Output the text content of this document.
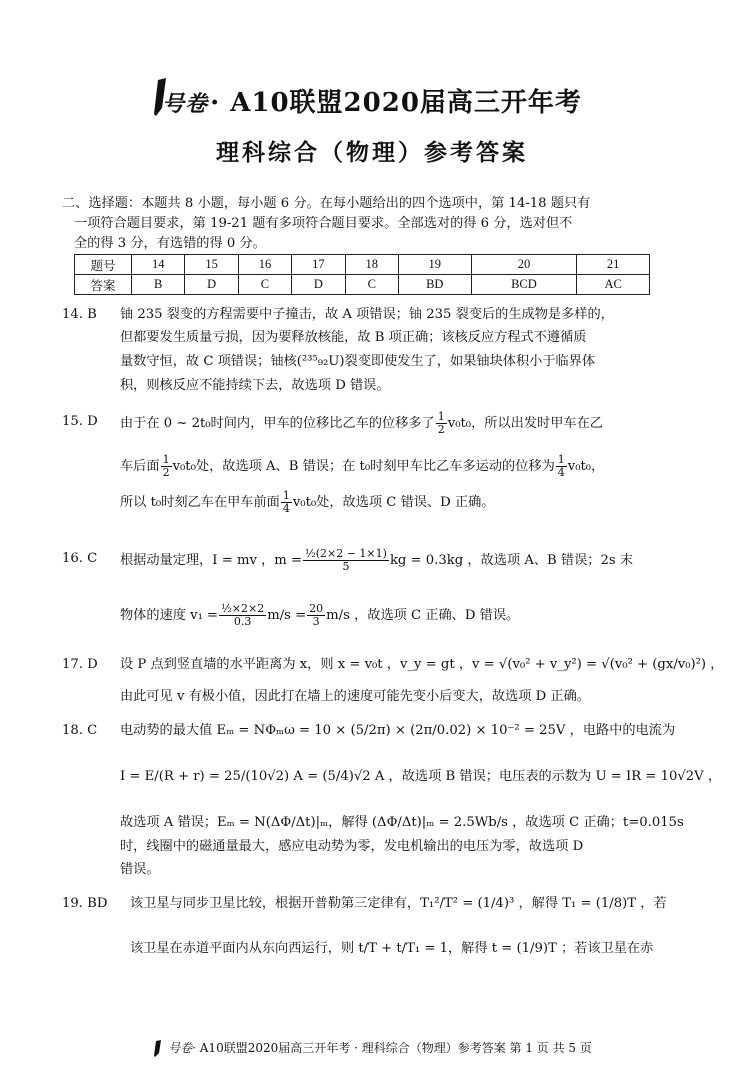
号卷· A10联盟2020届高三开年考
理科综合（物理）参考答案
二、选择题：本题共 8 小题，每小题 6 分。在每小题给出的四个选项中，第 14-18 题只有
一项符合题目要求，第 19-21 题有多项符合题目要求。全部选对的得 6 分，选对但不
全的得 3 分，有选错的得 0 分。
题号	14	15	16	17	18	19	20	21
答案	B	D	C	D	C	BD	BCD	AC
14. B 铀 235 裂变的方程需要中子撞击，故 A 项错误；铀 235 裂变后的生成物是多样的，
但都要发生质量亏损，因为要释放核能，故 B 项正确；该核反应方程式不遵循质
量数守恒，故 C 项错误；铀核(²³⁵₉₂U)裂变即使发生了，如果铀块体积小于临界体
积，则核反应不能持续下去，故选项 D 错误。
15. D 由于在 0 ~ 2t₀时间内，甲车的位移比乙车的位移多了 $\frac{1}{2} v_0t_0$，所以出发时甲车在乙
车后面 $\frac{1}{2} v_0t_0$处，故选项 A、B 错误；在 t₀时刻甲车比乙车多运动的位移为 $\frac{1}{4} v_0t_0$，
所以 t₀时刻乙车在甲车前面 $\frac{1}{4} v_0t_0$处，故选项 C 错误、D 正确。
16. C 根据动量定理，I = mv ，$m = \frac{\text{½(2×2 − 1×1)}}{5}$ kg = 0.3kg ，故选项 A、B 错误；2s 末
物体的速度 $v_1 = \frac{\text{½×2×2}}{0.3} m/s = \frac{20}{3} m/s$ ，故选项 C 正确、D 错误。
17. D 设 P 点到竖直墙的水平距离为 x，则 x = v₀t ，v_y = gt ，v = √(v₀² + v_y²) = √(v₀² + (gx/v₀)²) ，
由此可见 v 有极小值，因此打在墙上的速度可能先变小后变大，故选项 D 正确。
18. C 电动势的最大值 Eₘ = NΦₘω = 10 × (5/2π) × (2π/0.02) × 10⁻² = 25V ，电路中的电流为
I = E/(R + r) = 25/(10√2) A = (5/4)√2 A ，故选项 B 错误；电压表的示数为 U = IR = 10√2V ，
故选项 A 错误；Eₘ = N(ΔΦ/Δt)|ₘ，解得 (ΔΦ/Δt)|ₘ = 2.5Wb/s ，故选项 C 正确；t=0.015s
时，线圈中的磁通量最大，感应电动势为零，发电机输出的电压为零，故选项 D
错误。
19. BD 该卫星与同步卫星比较，根据开普勒第三定律有，T₁²/T² = (1/4)³ ，解得 T₁ = (1/8)T ，若
该卫星在赤道平面内从东向西运行，则 t/T + t/T₁ = 1，解得 t = (1/9)T ；若该卫星在赤
号卷· A10联盟2020届高三开年考 · 理科综合（物理）参考答案 第 1 页 共 5 页
